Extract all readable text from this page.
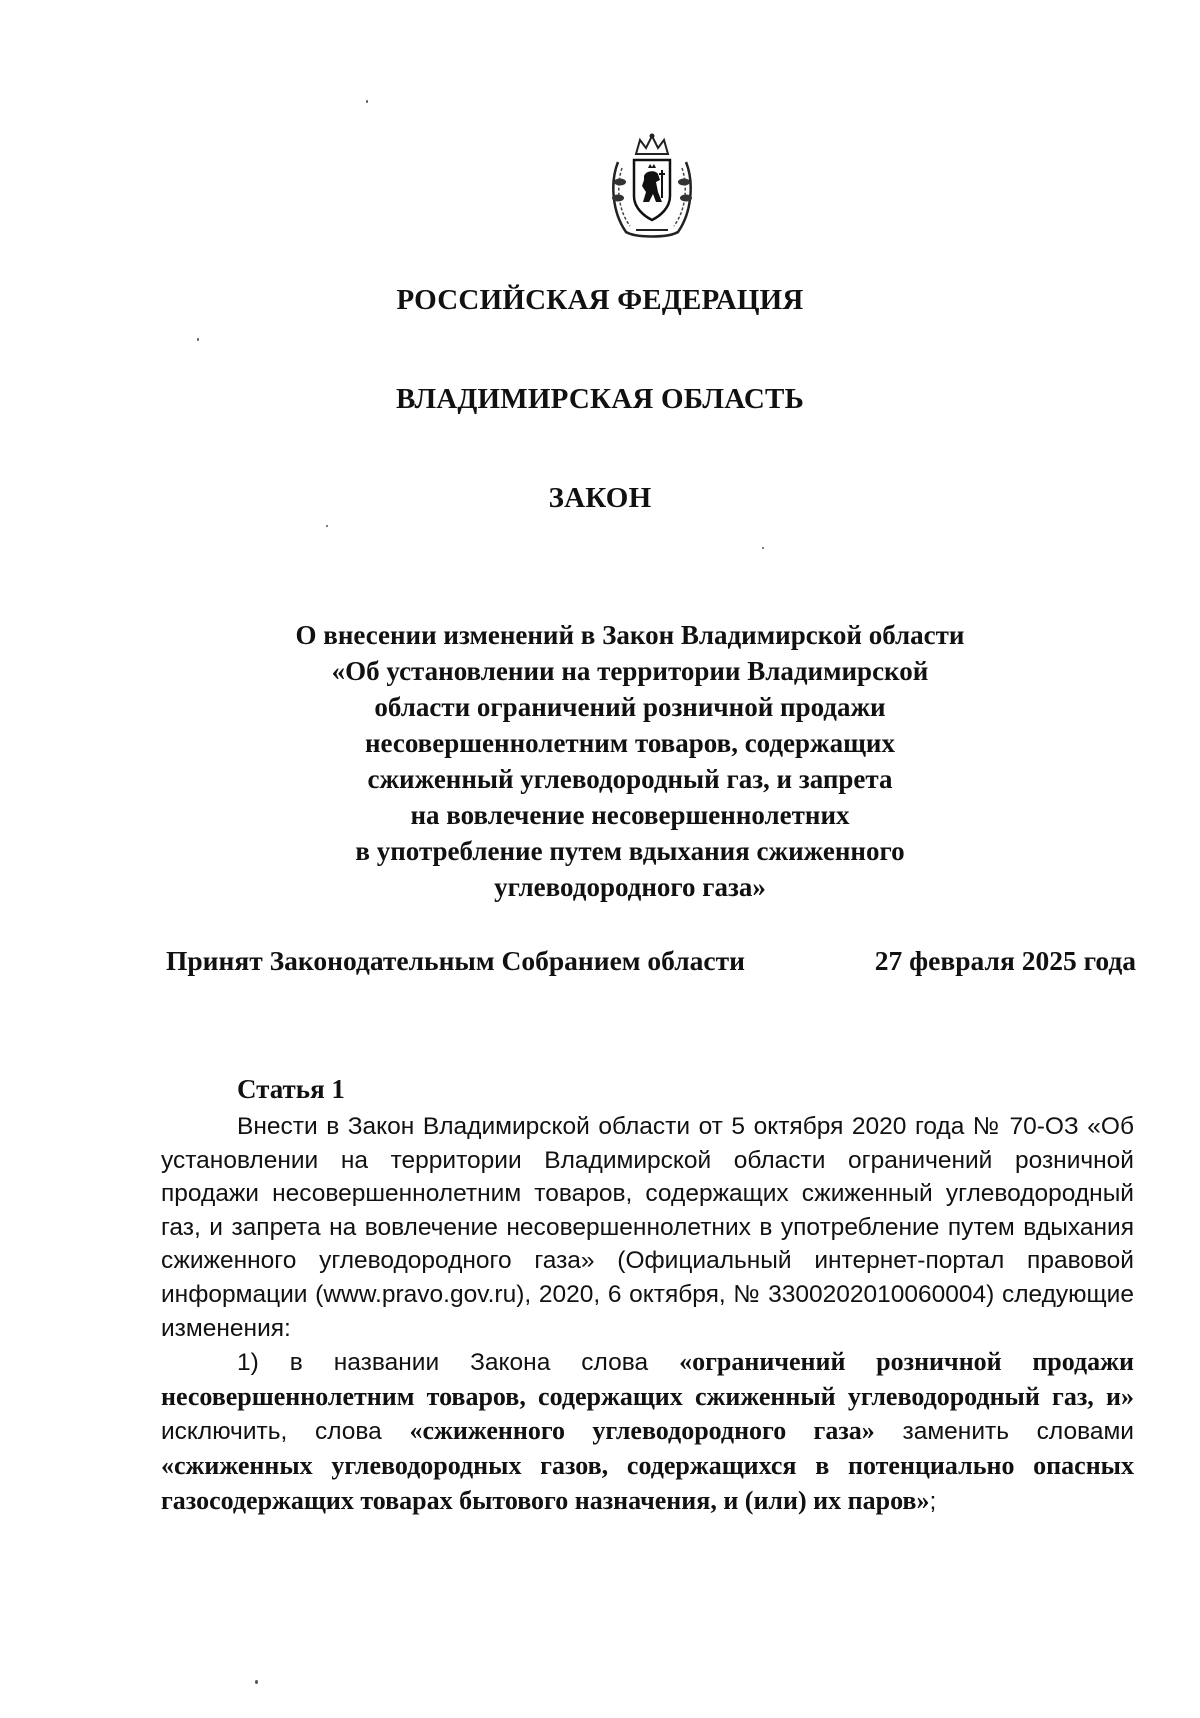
РОССИЙСКАЯ ФЕДЕРАЦИЯ
ВЛАДИМИРСКАЯ ОБЛАСТЬ
ЗАКОН
О внесении изменений в Закон Владимирской области
«Об установлении на территории Владимирской
области ограничений розничной продажи
несовершеннолетним товаров, содержащих
сжиженный углеводородный газ, и запрета
на вовлечение несовершеннолетних
в употребление путем вдыхания сжиженного
углеводородного газа»
Принят Законодательным Собранием области	27 февраля 2025 года
Статья 1

Внести в Закон Владимирской области от 5 октября 2020 года № 70-ОЗ «Об установлении на территории Владимирской области ограничений розничной продажи несовершеннолетним товаров, содержащих сжиженный углеводородный газ, и запрета на вовлечение несовершеннолетних в употребление путем вдыхания сжиженного углеводородного газа» (Официальный интернет-портал правовой информации (www.pravo.gov.ru), 2020, 6 октября, № 3300202010060004) следующие изменения:

1) в названии Закона слова «ограничений розничной продажи несовершеннолетним товаров, содержащих сжиженный углеводородный газ, и» исключить, слова «сжиженного углеводородного газа» заменить словами «сжиженных углеводородных газов, содержащихся в потенциально опасных газосодержащих товарах бытового назначения, и (или) их паров»;
